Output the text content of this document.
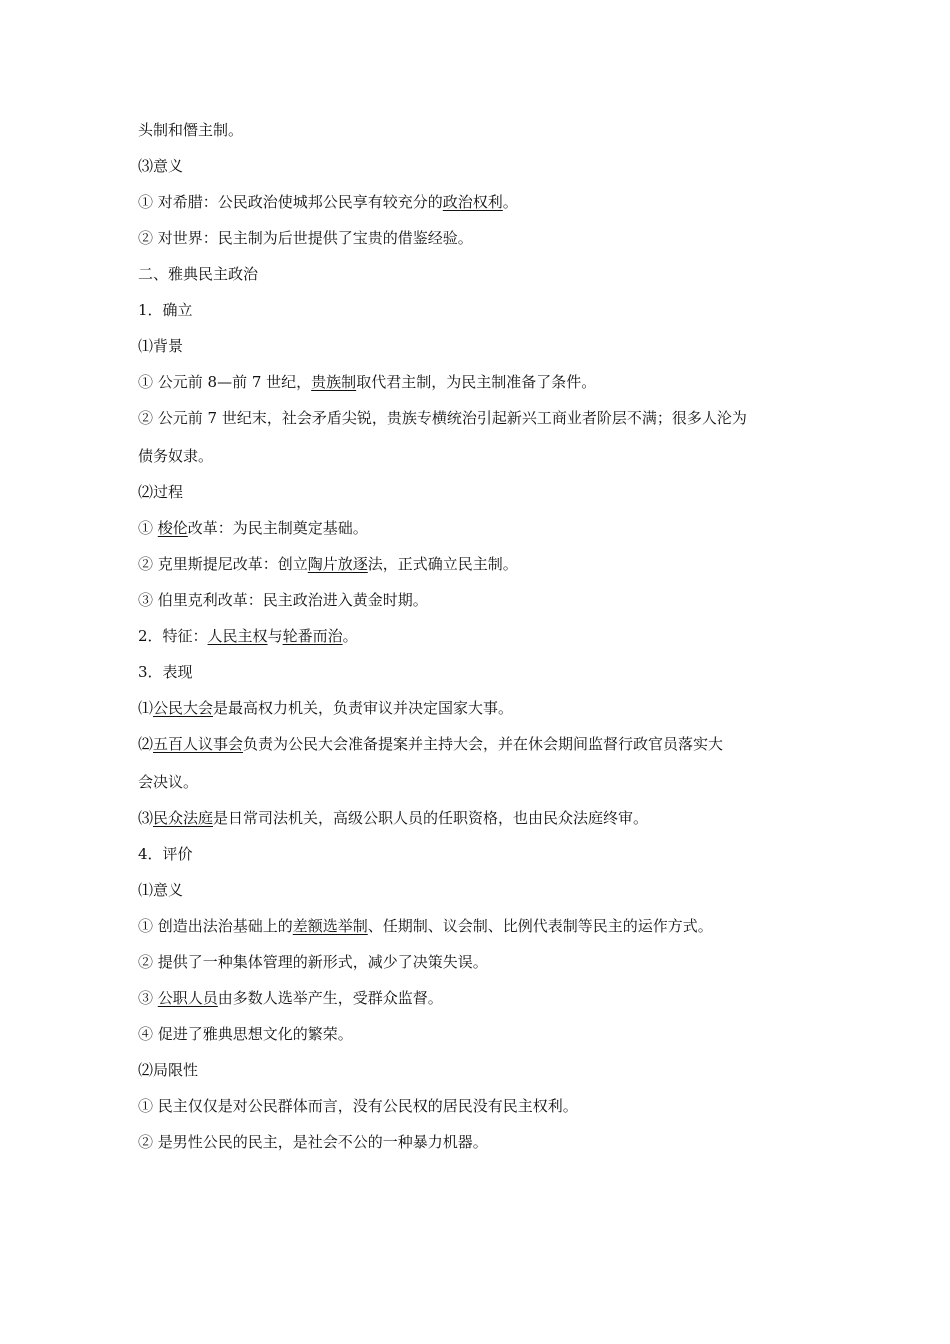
头制和僭主制。

⑶意义

① 对希腊：公民政治使城邦公民享有较充分的政治权利。

② 对世界：民主制为后世提供了宝贵的借鉴经验。

二、雅典民主政治

1．确立

⑴背景

① 公元前 8—前 7 世纪，贵族制取代君主制，为民主制准备了条件。

② 公元前 7 世纪末，社会矛盾尖锐，贵族专横统治引起新兴工商业者阶层不满；很多人沦为
债务奴隶。

⑵过程

① 梭伦改革：为民主制奠定基础。

② 克里斯提尼改革：创立陶片放逐法，正式确立民主制。

③ 伯里克利改革：民主政治进入黄金时期。

2．特征：人民主权与轮番而治。

3．表现

⑴公民大会是最高权力机关，负责审议并决定国家大事。

⑵五百人议事会负责为公民大会准备提案并主持大会，并在休会期间监督行政官员落实大
会决议。

⑶民众法庭是日常司法机关，高级公职人员的任职资格，也由民众法庭终审。

4．评价

⑴意义

① 创造出法治基础上的差额选举制、任期制、议会制、比例代表制等民主的运作方式。

② 提供了一种集体管理的新形式，减少了决策失误。

③ 公职人员由多数人选举产生，受群众监督。

④ 促进了雅典思想文化的繁荣。

⑵局限性

① 民主仅仅是对公民群体而言，没有公民权的居民没有民主权利。

② 是男性公民的民主，是社会不公的一种暴力机器。
